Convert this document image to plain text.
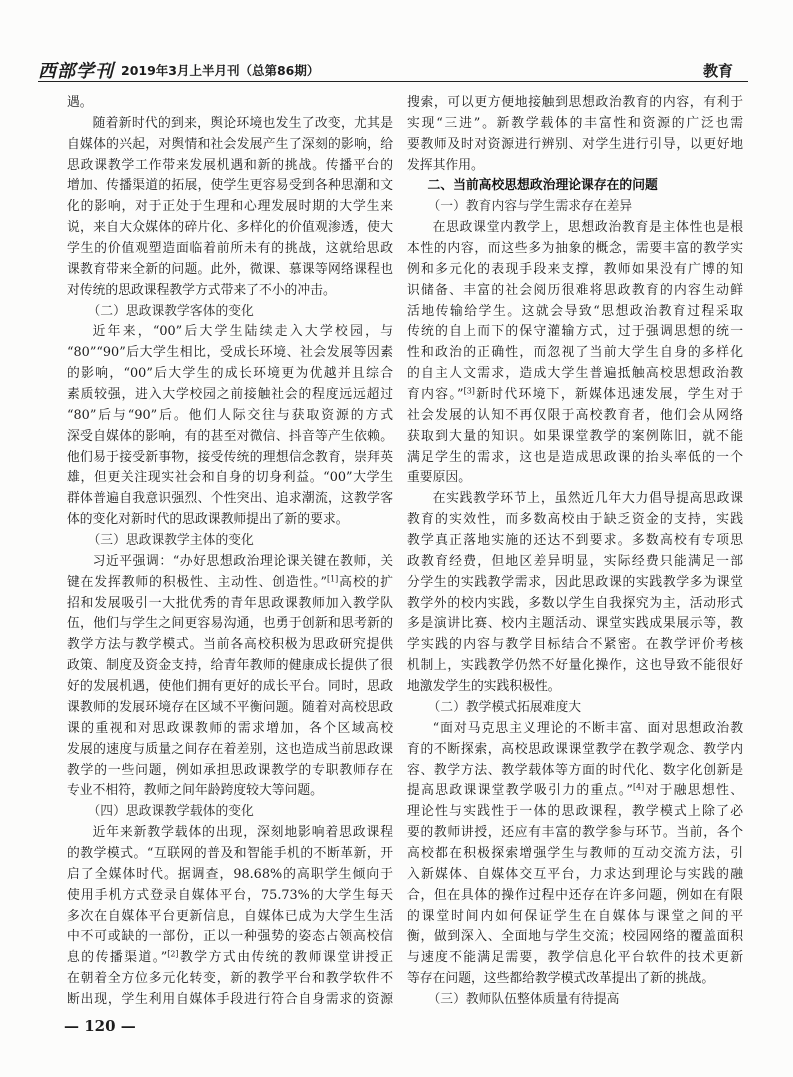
西部学刊 2019年3月上半月刊（总第86期）	教育
遇。
随着新时代的到来，舆论环境也发生了改变，尤其是
自媒体的兴起，对舆情和社会发展产生了深刻的影响，给
思政课教学工作带来发展机遇和新的挑战。传播平台的
增加、传播渠道的拓展，使学生更容易受到各种思潮和文
化的影响，对于正处于生理和心理发展时期的大学生来
说，来自大众媒体的碎片化、多样化的价值观渗透，使大
学生的价值观塑造面临着前所未有的挑战，这就给思政
课教育带来全新的问题。此外，微课、慕课等网络课程也
对传统的思政课程教学方式带来了不小的冲击。
（二）思政课教学客体的变化
近年来，“00”后大学生陆续走入大学校园，与
“80”“90”后大学生相比，受成长环境、社会发展等因素
的影响，“00”后大学生的成长环境更为优越并且综合
素质较强，进入大学校园之前接触社会的程度远远超过
“80”后与“90”后。他们人际交往与获取资源的方式
深受自媒体的影响，有的甚至对微信、抖音等产生依赖。
他们易于接受新事物，接受传统的理想信念教育，崇拜英
雄，但更关注现实社会和自身的切身利益。“00”大学生
群体普遍自我意识强烈、个性突出、追求潮流，这教学客
体的变化对新时代的思政课教师提出了新的要求。
（三）思政课教学主体的变化
习近平强调：“办好思想政治理论课关键在教师，关
键在发挥教师的积极性、主动性、创造性。”[1]高校的扩
招和发展吸引一大批优秀的青年思政课教师加入教学队
伍，他们与学生之间更容易沟通，也勇于创新和思考新的
教学方法与教学模式。当前各高校积极为思政研究提供
政策、制度及资金支持，给青年教师的健康成长提供了很
好的发展机遇，使他们拥有更好的成长平台。同时，思政
课教师的发展环境存在区域不平衡问题。随着对高校思政
课的重视和对思政课教师的需求增加，各个区域高校
发展的速度与质量之间存在着差别，这也造成当前思政课
教学的一些问题，例如承担思政课教学的专职教师存在
专业不相符，教师之间年龄跨度较大等问题。
（四）思政课教学载体的变化
近年来新教学载体的出现，深刻地影响着思政课程
的教学模式。“互联网的普及和智能手机的不断革新，开
启了全媒体时代。据调查，98.68%的高职学生倾向于
使用手机方式登录自媒体平台，75.73%的大学生每天
多次在自媒体平台更新信息，自媒体已成为大学生生活
中不可或缺的一部份，正以一种强势的姿态占领高校信
息的传播渠道。”[2]教学方式由传统的教师课堂讲授正
在朝着全方位多元化转变，新的教学平台和教学软件不
断出现，学生利用自媒体手段进行符合自身需求的资源
搜索，可以更方便地接触到思想政治教育的内容，有利于
实现“三进”。新教学载体的丰富性和资源的广泛也需
要教师及时对资源进行辨别、对学生进行引导，以更好地
发挥其作用。
二、当前高校思想政治理论课存在的问题
（一）教育内容与学生需求存在差异
在思政课堂内教学上，思想政治教育是主体性也是根
本性的内容，而这些多为抽象的概念，需要丰富的教学实
例和多元化的表现手段来支撑，教师如果没有广博的知
识储备、丰富的社会阅历很难将思政教育的内容生动鲜
活地传输给学生。这就会导致“思想政治教育过程采取
传统的自上而下的保守灌输方式，过于强调思想的统一
性和政治的正确性，而忽视了当前大学生自身的多样化
的自主人文需求，造成大学生普遍抵触高校思想政治教
育内容。”[3]新时代环境下，新媒体迅速发展，学生对于
社会发展的认知不再仅限于高校教育者，他们会从网络
获取到大量的知识。如果课堂教学的案例陈旧，就不能
满足学生的需求，这也是造成思政课的抬头率低的一个
重要原因。
在实践教学环节上，虽然近几年大力倡导提高思政课
教育的实效性，而多数高校由于缺乏资金的支持，实践
教学真正落地实施的还达不到要求。多数高校有专项思
政教育经费，但地区差异明显，实际经费只能满足一部
分学生的实践教学需求，因此思政课的实践教学多为课堂
教学外的校内实践，多数以学生自我探究为主，活动形式
多是演讲比赛、校内主题活动、课堂实践成果展示等，教
学实践的内容与教学目标结合不紧密。在教学评价考核
机制上，实践教学仍然不好量化操作，这也导致不能很好
地激发学生的实践积极性。
（二）教学模式拓展难度大
“面对马克思主义理论的不断丰富、面对思想政治教
育的不断探索，高校思政课课堂教学在教学观念、教学内
容、教学方法、教学载体等方面的时代化、数字化创新是
提高思政课课堂教学吸引力的重点。”[4]对于融思想性、
理论性与实践性于一体的思政课程，教学模式上除了必
要的教师讲授，还应有丰富的教学参与环节。当前，各个
高校都在积极探索增强学生与教师的互动交流方法，引
入新媒体、自媒体交互平台，力求达到理论与实践的融
合，但在具体的操作过程中还存在许多问题，例如在有限
的课堂时间内如何保证学生在自媒体与课堂之间的平
衡，做到深入、全面地与学生交流；校园网络的覆盖面积
与速度不能满足需要，教学信息化平台软件的技术更新
等存在问题，这些都给教学模式改革提出了新的挑战。
（三）教师队伍整体质量有待提高
— 120 —
